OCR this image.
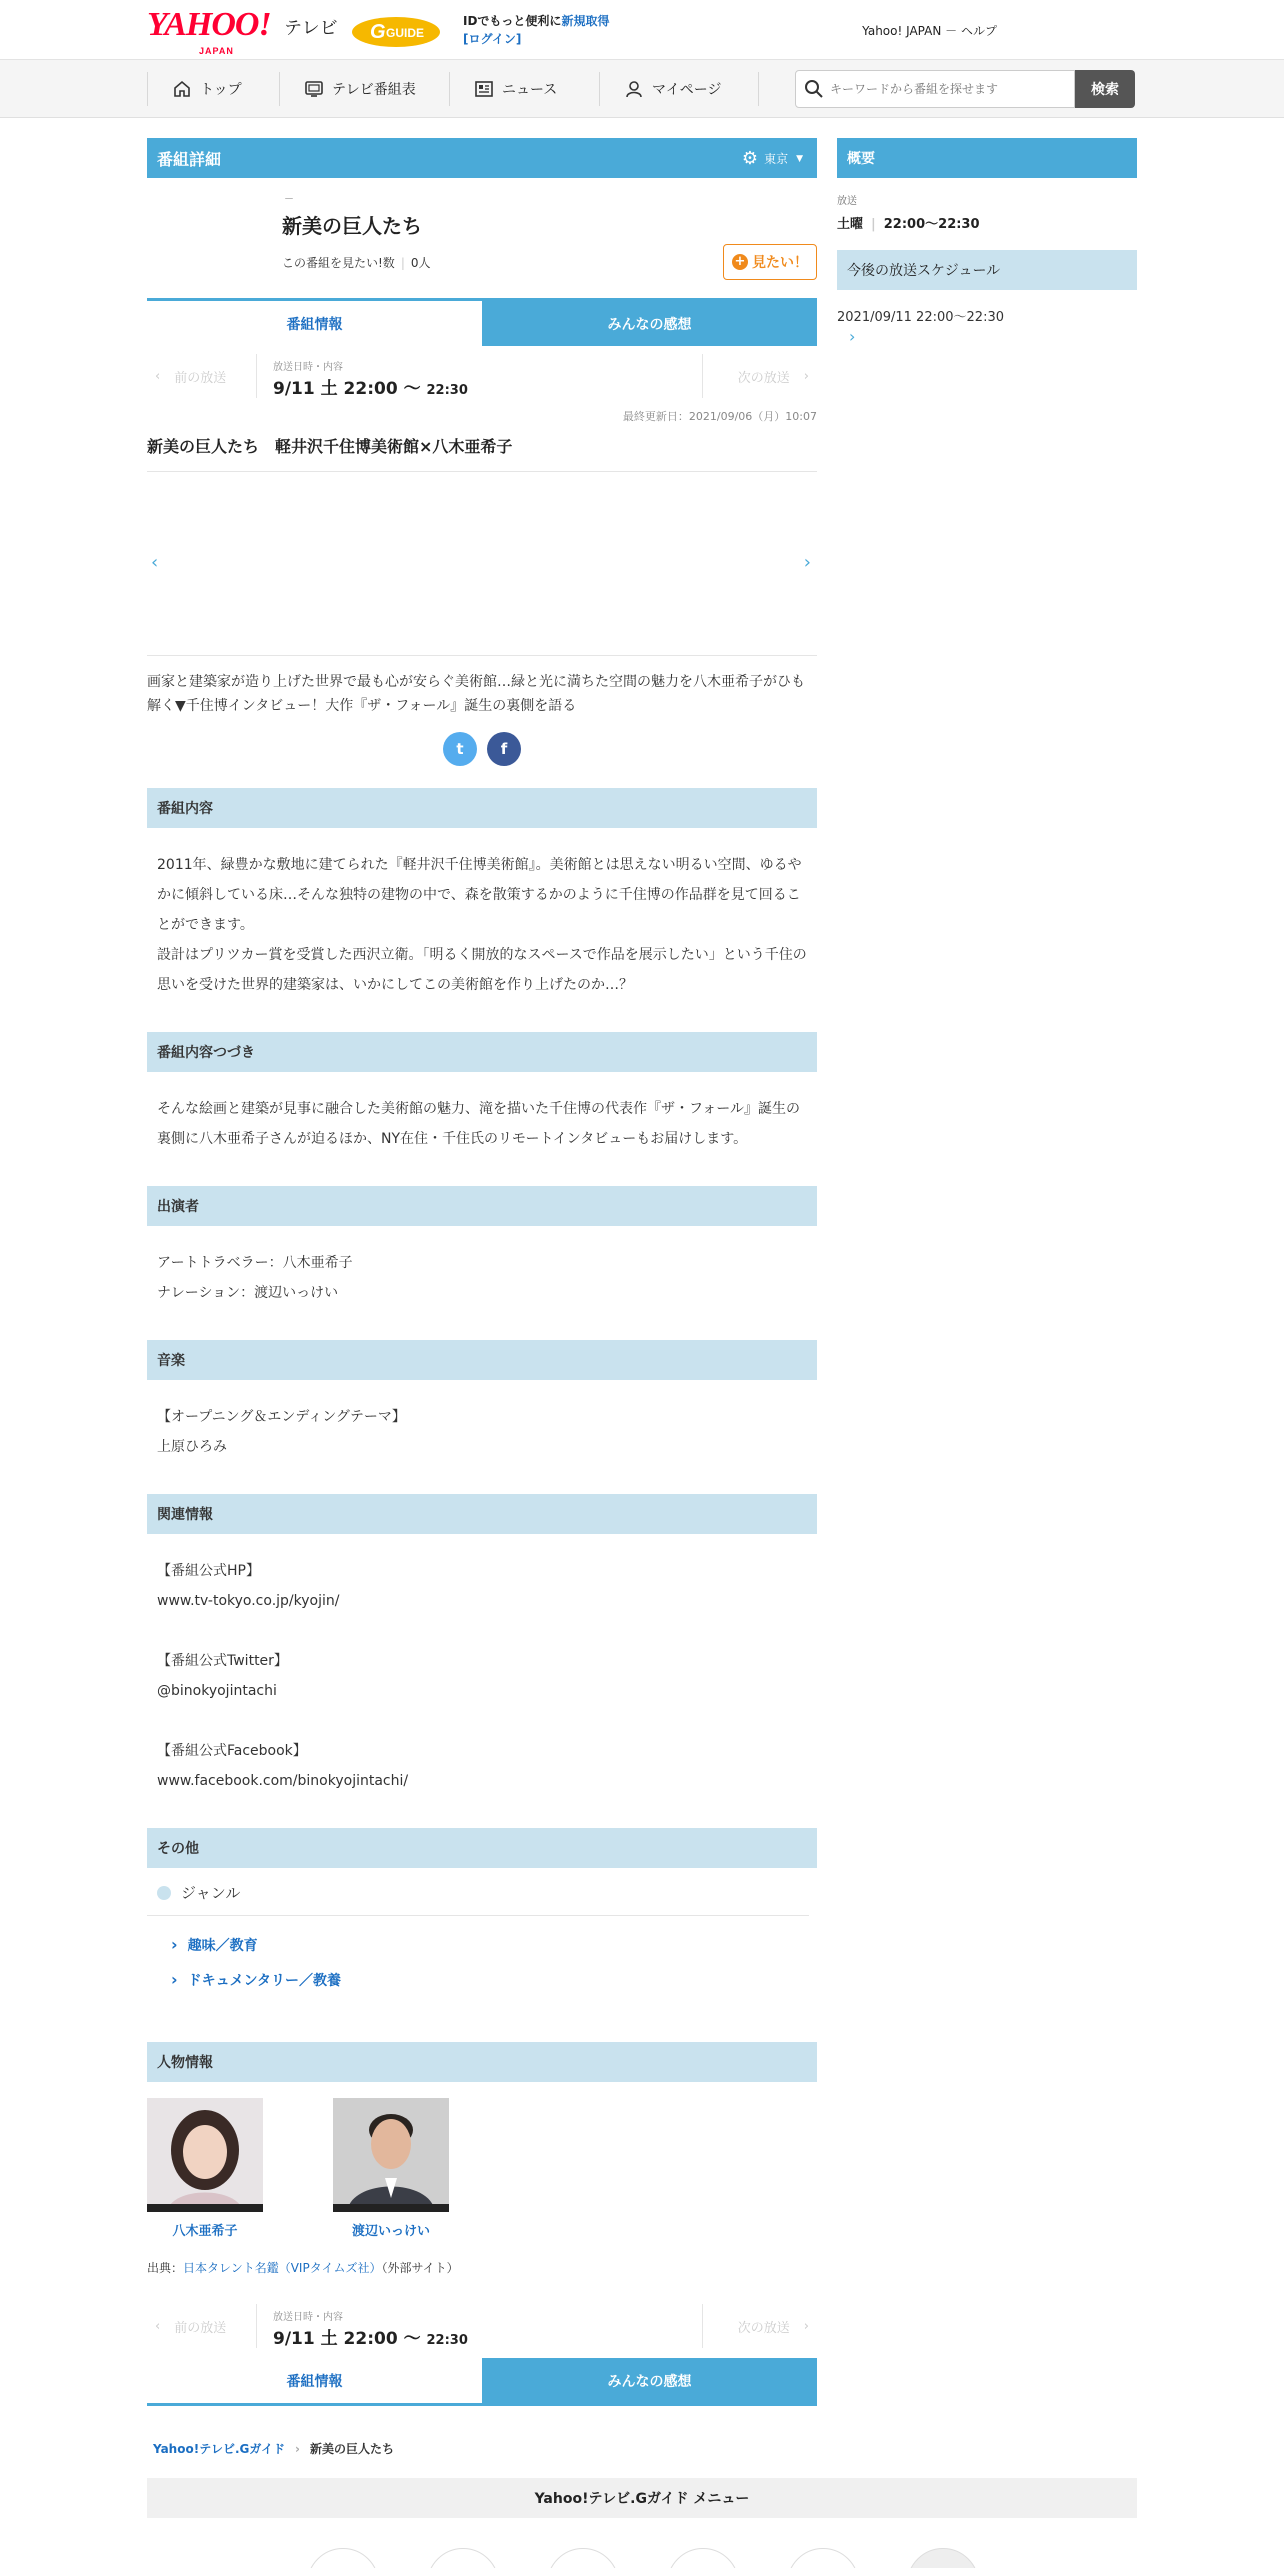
YAHOO!
JAPAN
テレビ G GUIDE
IDでもっと便利に新規取得
[ログイン]
Yahoo! JAPAN － ヘルプ
トップ	テレビ番組表	ニュース	マイページ
キーワードから番組を探せます	検索
番組詳細	⚙ 東京 ▼
－
新美の巨人たち
この番組を見たい!数 | 0人	+ 見たい！
番組情報	みんなの感想
‹ 前の放送
放送日時・内容
9/11 土 22:00 〜 22:30
次の放送 ›
最終更新日：2021/09/06（月）10:07
新美の巨人たち　軽井沢千住博美術館×八木亜希子
‹	›
画家と建築家が造り上げた世界で最も心が安らぐ美術館…緑と光に満ちた空間の魅力を八木亜希子がひも解く▼千住博インタビュー！大作『ザ・フォール』誕生の裏側を語る
t f
番組内容

2011年、緑豊かな敷地に建てられた『軽井沢千住博美術館』。美術館とは思えない明るい空間、ゆるやかに傾斜している床…そんな独特の建物の中で、森を散策するかのように千住博の作品群を見て回ることができます。

設計はプリツカー賞を受賞した西沢立衛。「明るく開放的なスペースで作品を展示したい」という千住の思いを受けた世界的建築家は、いかにしてこの美術館を作り上げたのか…？

番組内容つづき

そんな絵画と建築が見事に融合した美術館の魅力、滝を描いた千住博の代表作『ザ・フォール』誕生の裏側に八木亜希子さんが迫るほか、NY在住・千住氏のリモートインタビューもお届けします。

出演者

アートトラベラー：八木亜希子

ナレーション：渡辺いっけい

音楽

【オープニング＆エンディングテーマ】

上原ひろみ

関連情報

【番組公式HP】

www.tv-tokyo.co.jp/kyojin/

【番組公式Twitter】

@binokyojintachi

【番組公式Facebook】

www.facebook.com/binokyojintachi/

その他
ジャンル
› 趣味／教育
› ドキュメンタリー／教養
人物情報
八木亜希子	渡辺いっけい
出典：日本タレント名鑑（VIPタイムズ社）（外部サイト）
‹ 前の放送
放送日時・内容
9/11 土 22:00 〜 22:30
次の放送 ›
番組情報	みんなの感想
Yahoo!テレビ.Gガイド › 新美の巨人たち
概要
放送
土曜 | 22:00～22:30
今後の放送スケジュール
2021/09/11 22:00～22:30
›
Yahoo!テレビ.Gガイド メニュー
